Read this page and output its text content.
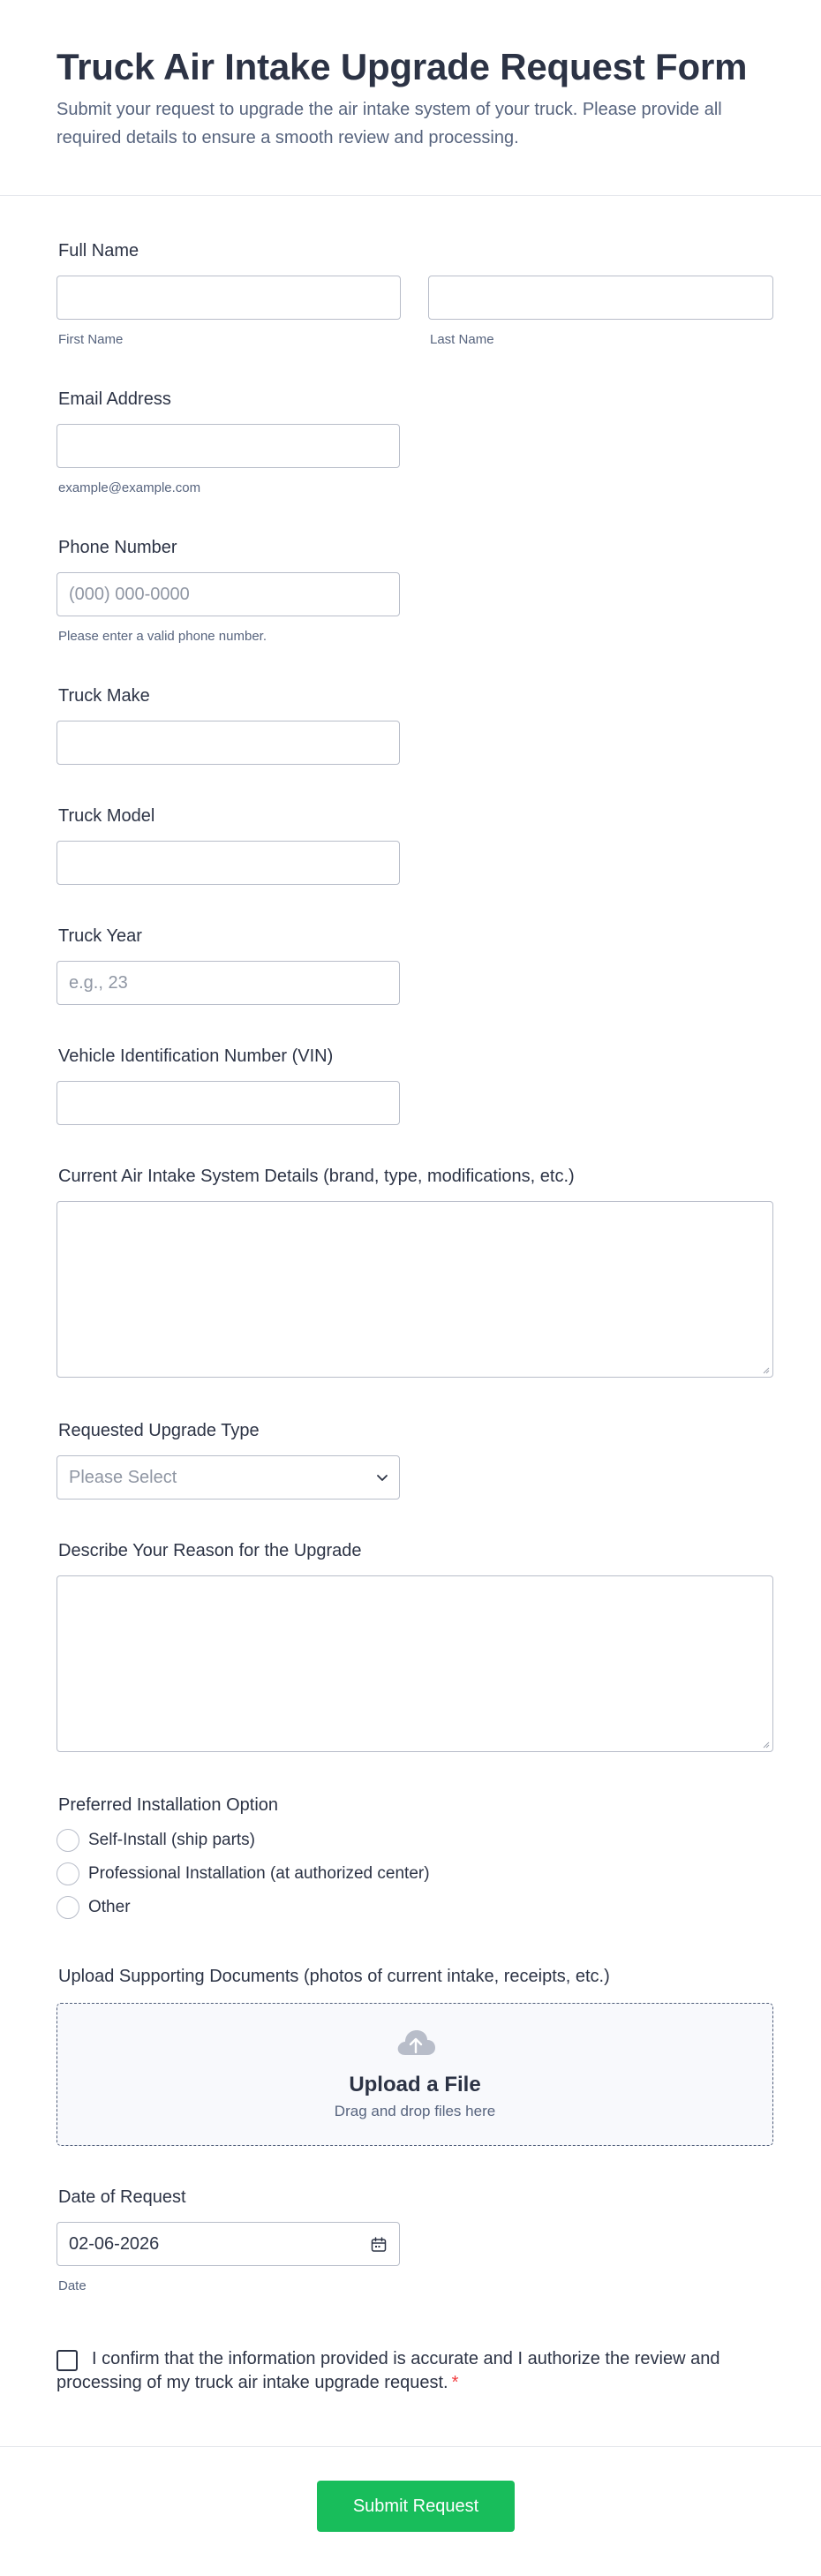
Truck Air Intake Upgrade Request Form

Submit your request to upgrade the air intake system of your truck. Please provide all required details to ensure a smooth review and processing.

Full Name
First Name	Last Name
Email Address
example@example.com
Phone Number
(000) 000-0000
Please enter a valid phone number.
Truck Make
Truck Model
Truck Year
e.g., 23
Vehicle Identification Number (VIN)
Current Air Intake System Details (brand, type, modifications, etc.)
Requested Upgrade Type
Please Select
Describe Your Reason for the Upgrade
Preferred Installation Option
Self-Install (ship parts)
Professional Installation (at authorized center)
Other
Upload Supporting Documents (photos of current intake, receipts, etc.)
Upload a File
Drag and drop files here
Date of Request
02-06-2026
Date
I confirm that the information provided is accurate and I authorize the review and processing of my truck air intake upgrade request. *
Submit Request
